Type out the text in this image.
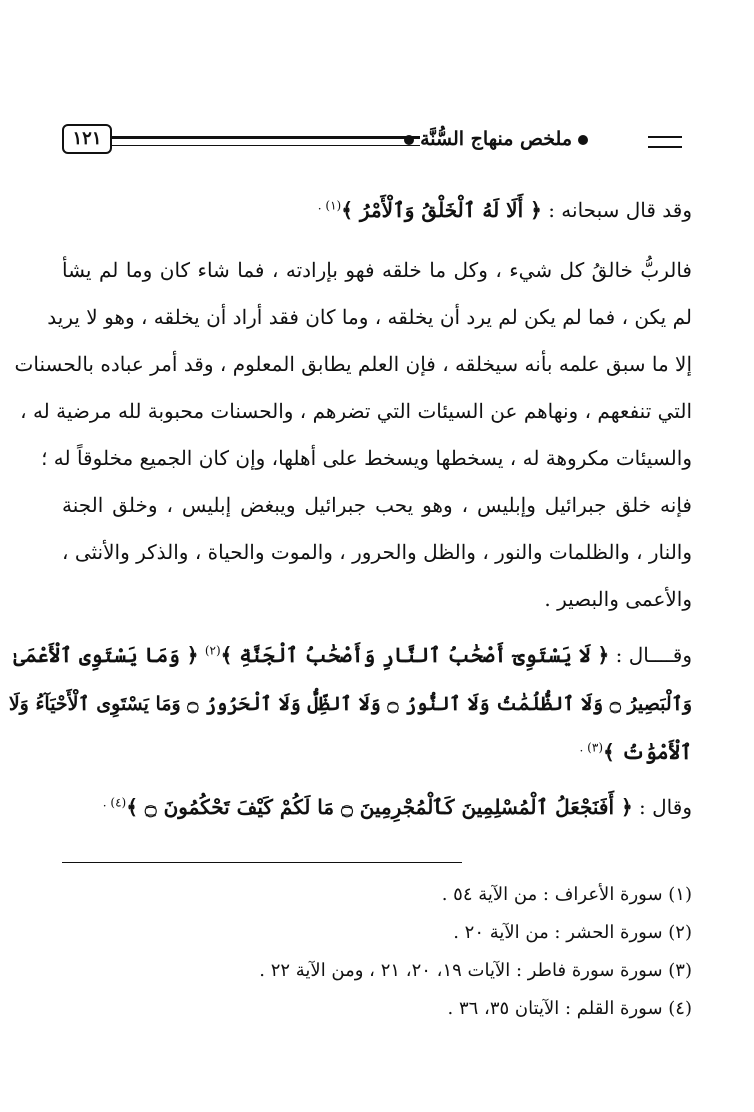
ملخص منهاج السُّنَّة
١٢١
وقد قال سبحانه : ﴿ أَلَا لَهُ ٱلْخَلْقُ وَٱلْأَمْرُ ﴾$^{(١) .}$
فالربُّ خالقُ كل شيء ، وكل ما خلقه فهو بإرادته ، فما شاء كان وما لم يشأ
لم يكن ، فما لم يكن لم يرد أن يخلقه ، وما كان فقد أراد أن يخلقه ، وهو لا يريد
إلا ما سبق علمه بأنه سيخلقه ، فإن العلم يطابق المعلوم ، وقد أمر عباده بالحسنات
التي تنفعهم ، ونهاهم عن السيئات التي تضرهم ، والحسنات محبوبة لله مرضية له ،
والسيئات مكروهة له ، يسخطها ويسخط على أهلها، وإن كان الجميع مخلوقاً له ؛
فإنه خلق جبرائيل وإبليس ، وهو يحب جبرائيل ويبغض إبليس ، وخلق الجنة
والنار ، والظلمات والنور ، والظل والحرور ، والموت والحياة ، والذكر والأنثى ،
والأعمى والبصير .
وقــــال : ﴿ لَا يَسْتَوِىٓ أَصْحَٰبُ ٱلنَّارِ وَأَصْحَٰبُ ٱلْجَنَّةِ ﴾$^{(٢)}$ ﴿ وَمَا يَسْتَوِى ٱلْأَعْمَىٰ
وَٱلْبَصِيرُ ۝ وَلَا ٱلظُّلُمَٰتُ وَلَا ٱلنُّورُ ۝ وَلَا ٱلظِّلُّ وَلَا ٱلْحَرُورُ ۝ وَمَا يَسْتَوِى ٱلْأَحْيَآءُ وَلَا
ٱلْأَمْوَٰتُ ﴾$^{(٣) .}$
وقال : ﴿ أَفَنَجْعَلُ ٱلْمُسْلِمِينَ كَٱلْمُجْرِمِينَ ۝ مَا لَكُمْ كَيْفَ تَحْكُمُونَ ۝ ﴾$^{(٤) .}$
(١) سورة الأعراف : من الآية ٥٤ .
(٢) سورة الحشر : من الآية ٢٠ .
(٣) سورة سورة فاطر : الآيات ١٩، ٢٠، ٢١ ، ومن الآية ٢٢ .
(٤) سورة القلم : الآيتان ٣٥، ٣٦ .
